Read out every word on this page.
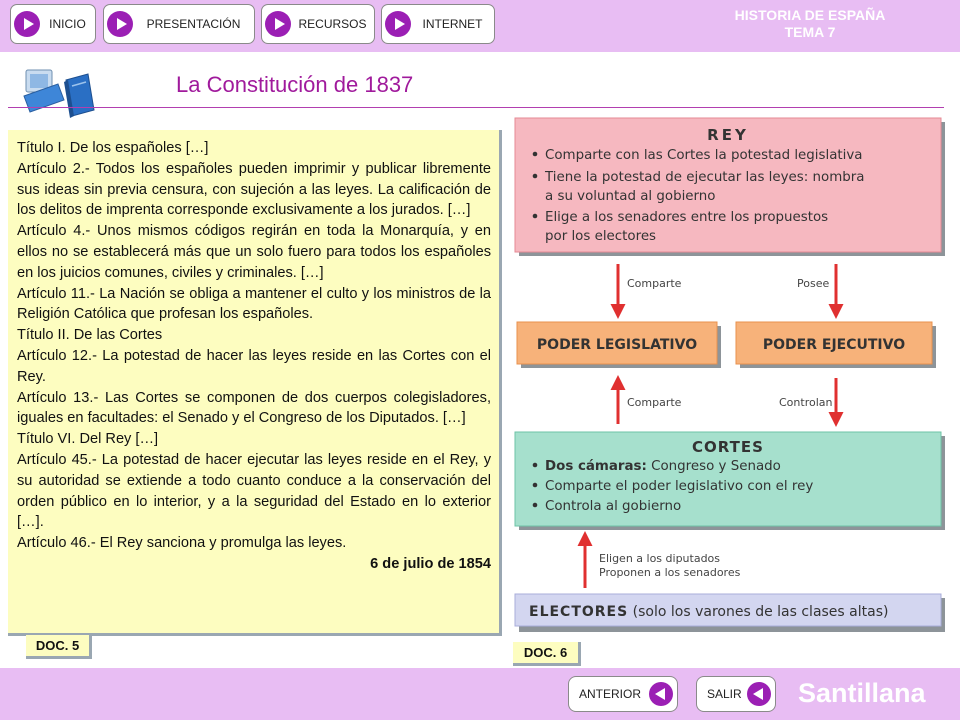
INICIO	PRESENTACIÓN	RECURSOS	INTERNET
HISTORIA DE ESPAÑA
TEMA 7
La Constitución de 1837

Título I. De los españoles […]

Artículo 2.- Todos los españoles pueden imprimir y publicar libremente sus ideas sin previa censura, con sujeción a las leyes. La calificación de los delitos de imprenta corresponde exclusivamente a los jurados. […]

Artículo 4.- Unos mismos códigos regirán en toda la Monarquía, y en ellos no se establecerá más que un solo fuero para todos los españoles en los juicios comunes, civiles y criminales. […]

Artículo 11.- La Nación se obliga a mantener el culto y los ministros de la Religión Católica que profesan los españoles.

Título II. De las Cortes

Artículo 12.- La potestad de hacer las leyes reside en las Cortes con el Rey.

Artículo 13.- Las Cortes se componen de dos cuerpos colegisladores, iguales en facultades: el Senado y el Congreso de los Diputados. […]

Título VI. Del Rey […]

Artículo 45.- La potestad de hacer ejecutar las leyes reside en el Rey, y su autoridad se extiende a todo cuanto conduce a la conservación del orden público en lo interior, y a la seguridad del Estado en lo exterior […].

Artículo 46.- El Rey sanciona y promulga las leyes.

6 de julio de 1854

DOC. 5
REY
Comparte con las Cortes la potestad legislativa
Tiene la potestad de ejecutar las leyes: nombra
a su voluntad al gobierno
Elige a los senadores entre los propuestos
por los electores
Comparte	Posee
PODER LEGISLATIVO	PODER EJECUTIVO
Comparte	Controlan
CORTES
Dos cámaras: Congreso y Senado
Comparte el poder legislativo con el rey
Controla al gobierno
Eligen a los diputados
Proponen a los senadores
ELECTORES (solo los varones de las clases altas)
DOC. 6
ANTERIOR	SALIR Santillana
